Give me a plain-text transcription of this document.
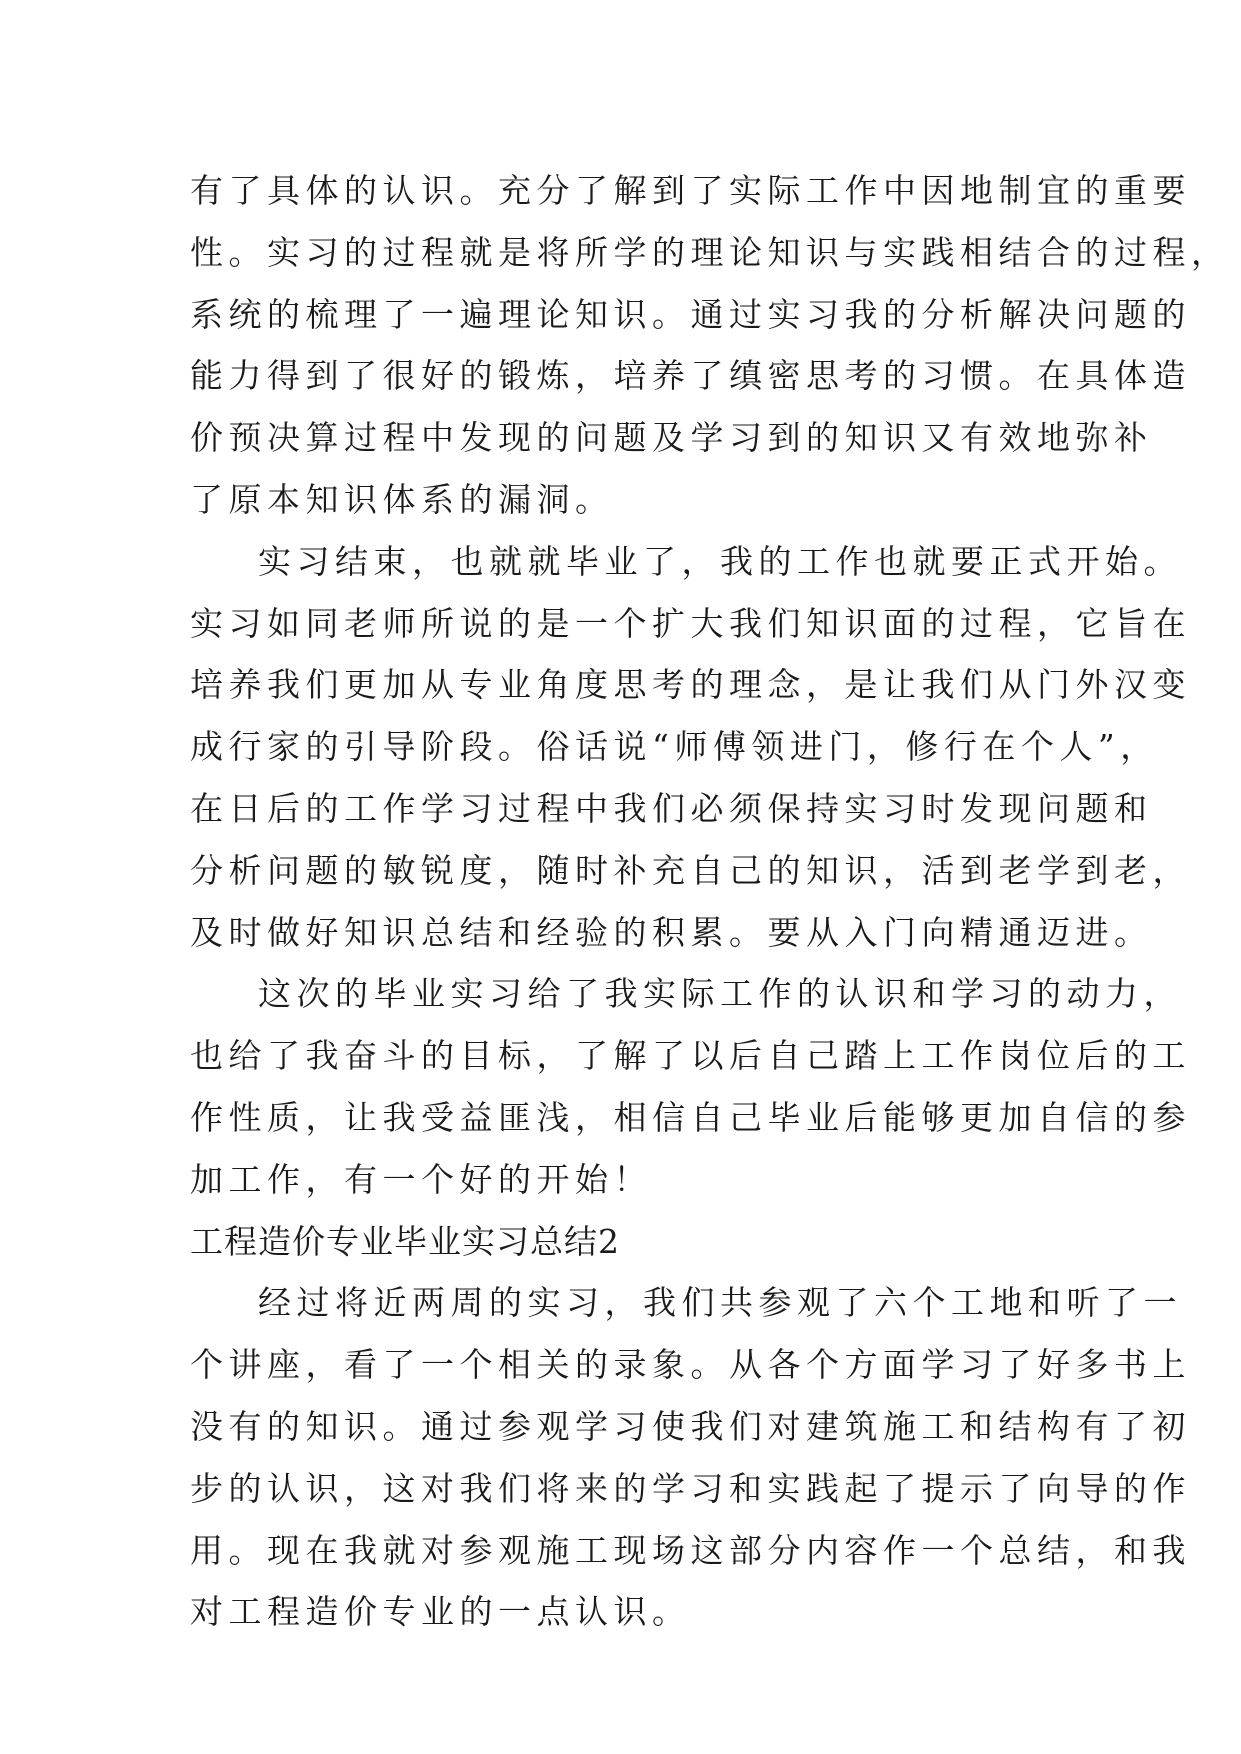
有了具体的认识。充分了解到了实际工作中因地制宜的重要
性。实习的过程就是将所学的理论知识与实践相结合的过程，
系统的梳理了一遍理论知识。通过实习我的分析解决问题的
能力得到了很好的锻炼，培养了缜密思考的习惯。在具体造
价预决算过程中发现的问题及学习到的知识又有效地弥补
了原本知识体系的漏洞。
实习结束，也就就毕业了，我的工作也就要正式开始。
实习如同老师所说的是一个扩大我们知识面的过程，它旨在
培养我们更加从专业角度思考的理念，是让我们从门外汉变
成行家的引导阶段。俗话说“师傅领进门，修行在个人”，
在日后的工作学习过程中我们必须保持实习时发现问题和
分析问题的敏锐度，随时补充自己的知识，活到老学到老，
及时做好知识总结和经验的积累。要从入门向精通迈进。
这次的毕业实习给了我实际工作的认识和学习的动力，
也给了我奋斗的目标，了解了以后自己踏上工作岗位后的工
作性质，让我受益匪浅，相信自己毕业后能够更加自信的参
加工作，有一个好的开始！
工程造价专业毕业实习总结2
经过将近两周的实习，我们共参观了六个工地和听了一
个讲座，看了一个相关的录象。从各个方面学习了好多书上
没有的知识。通过参观学习使我们对建筑施工和结构有了初
步的认识，这对我们将来的学习和实践起了提示了向导的作
用。现在我就对参观施工现场这部分内容作一个总结，和我
对工程造价专业的一点认识。
